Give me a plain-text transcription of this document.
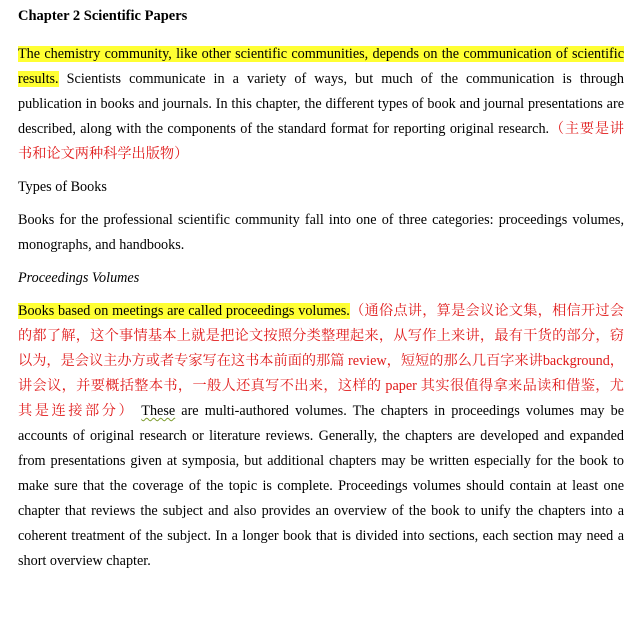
Chapter 2 Scientific Papers

The chemistry community, like other scientific communities, depends on the communication of scientific results. Scientists communicate in a variety of ways, but much of the communication is through publication in books and journals. In this chapter, the different types of book and journal presentations are described, along with the components of the standard format for reporting original research.（主要是讲书和论文两种科学出版物）

Types of Books

Books for the professional scientific community fall into one of three categories: proceedings volumes, monographs, and handbooks.

Proceedings Volumes

Books based on meetings are called proceedings volumes.（通俗点讲，算是会议论文集，相信开过会的都了解，这个事情基本上就是把论文按照分类整理起来，从写作上来讲，最有干货的部分，窃以为，是会议主办方或者专家写在这书本前面的那篇 review，短短的那么几百字来讲background，讲会议，并要概括整本书，一般人还真写不出来，这样的 paper 其实很值得拿来品读和借鉴，尤其是连接部分） These are multi-authored volumes. The chapters in proceedings volumes may be accounts of original research or literature reviews. Generally, the chapters are developed and expanded from presentations given at symposia, but additional chapters may be written especially for the book to make sure that the coverage of the topic is complete. Proceedings volumes should contain at least one chapter that reviews the subject and also provides an overview of the book to unify the chapters into a coherent treatment of the subject. In a longer book that is divided into sections, each section may need a short overview chapter.
